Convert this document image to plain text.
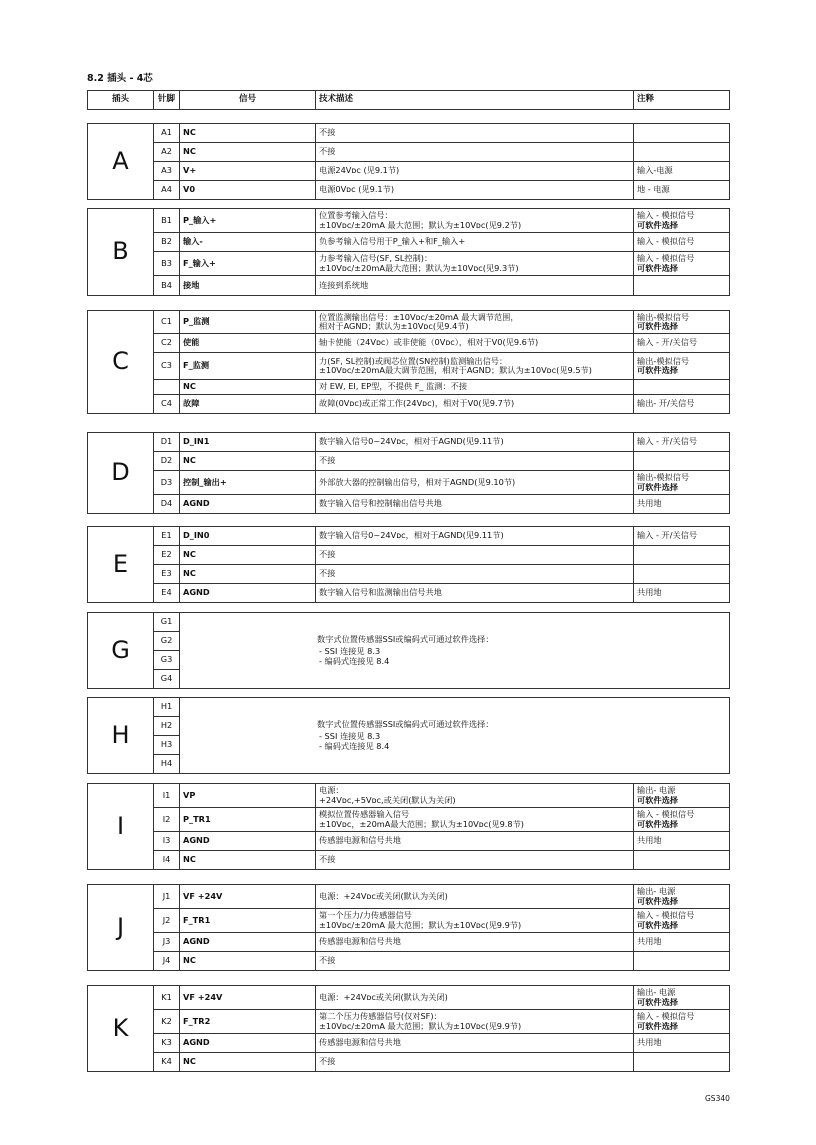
8.2 插头 - 4芯
插头	针脚	信号	技术描述	注释
A	A1	NC	不接	

	A2	NC	不接	

	A3	V+	电源24Vᴅᴄ (见9.1节)	输入-电源

	A4	V0	电源0Vᴅᴄ (见9.1节)	地 - 电源
B	B1	P_输入+	位置参考输入信号：
±10Vᴅᴄ/±20mA 最大范围；默认为±10Vᴅᴄ(见9.2节)	输入 - 模拟信号
可软件选择

	B2	输入-	负参考输入信号用于P_输入+和F_输入+	输入 - 模拟信号

	B3	F_输入+	力参考输入信号(SF, SL控制)：
±10Vᴅᴄ/±20mA最大范围；默认为±10Vᴅᴄ(见9.3节)	输入 - 模拟信号
可软件选择

	B4	接地	连接到系统地	

C	C1	P_监测	位置监测输出信号：±10Vᴅᴄ/±20mA 最大调节范围，
相对于AGND；默认为±10Vᴅᴄ(见9.4节)	输出-模拟信号
可软件选择

	C2	使能	轴卡使能（24Vᴅᴄ）或非使能（0Vᴅᴄ），相对于V0(见9.6节)	输入 - 开/关信号

	C3	F_监测	力(SF, SL控制)或阀芯位置(SN控制)监测输出信号：
±10Vᴅᴄ/±20mA最大调节范围，相对于AGND；默认为±10Vᴅᴄ(见9.5节)	输出-模拟信号
可软件选择

		NC	对 EW, EI, EP型，不提供 F_ 监测：不接	

	C4	故障	故障(0Vᴅᴄ)或正常工作(24Vᴅᴄ)，相对于V0(见9.7节)	输出- 开/关信号
D	D1	D_IN1	数字输入信号0~24Vᴅᴄ，相对于AGND(见9.11节)	输入 - 开/关信号

	D2	NC	不接	

	D3	控制_输出+	外部放大器的控制输出信号，相对于AGND(见9.10节)	输出-模拟信号
可软件选择

	D4	AGND	数字输入信号和控制输出信号共地	共用地
E	E1	D_IN0	数字输入信号0~24Vᴅᴄ，相对于AGND(见9.11节)	输入 - 开/关信号

	E2	NC	不接	

	E3	NC	不接	

	E4	AGND	数字输入信号和监测输出信号共地	共用地
G	G1	
数字式位置传感器SSI或编码式可通过软件选择：
- SSI 连接见 8.3
- 编码式连接见 8.4

G2
G3
G4
H	H1	
数字式位置传感器SSI或编码式可通过软件选择：
- SSI 连接见 8.3
- 编码式连接见 8.4

H2
H3
H4
I	I1	VP	电源：
+24Vᴅᴄ,+5Vᴅᴄ,或关闭(默认为关闭)	输出- 电源
可软件选择

	I2	P_TR1	模拟位置传感器输入信号
±10Vᴅᴄ，±20mA最大范围；默认为±10Vᴅᴄ(见9.8节)	输入 - 模拟信号
可软件选择

	I3	AGND	传感器电源和信号共地	共用地

	I4	NC	不接	

J	J1	VF +24V	电源：+24Vᴅᴄ或关闭(默认为关闭)	输出- 电源
可软件选择

	J2	F_TR1	第一个压力/力传感器信号
±10Vᴅᴄ/±20mA 最大范围；默认为±10Vᴅᴄ(见9.9节)	输入 - 模拟信号
可软件选择

	J3	AGND	传感器电源和信号共地	共用地

	J4	NC	不接	

K	K1	VF +24V	电源：+24Vᴅᴄ或关闭(默认为关闭)	输出- 电源
可软件选择

	K2	F_TR2	第二个压力传感器信号(仅对SF)：
±10Vᴅᴄ/±20mA 最大范围；默认为±10Vᴅᴄ(见9.9节)	输入 - 模拟信号
可软件选择

	K3	AGND	传感器电源和信号共地	共用地

	K4	NC	不接	

GS340
